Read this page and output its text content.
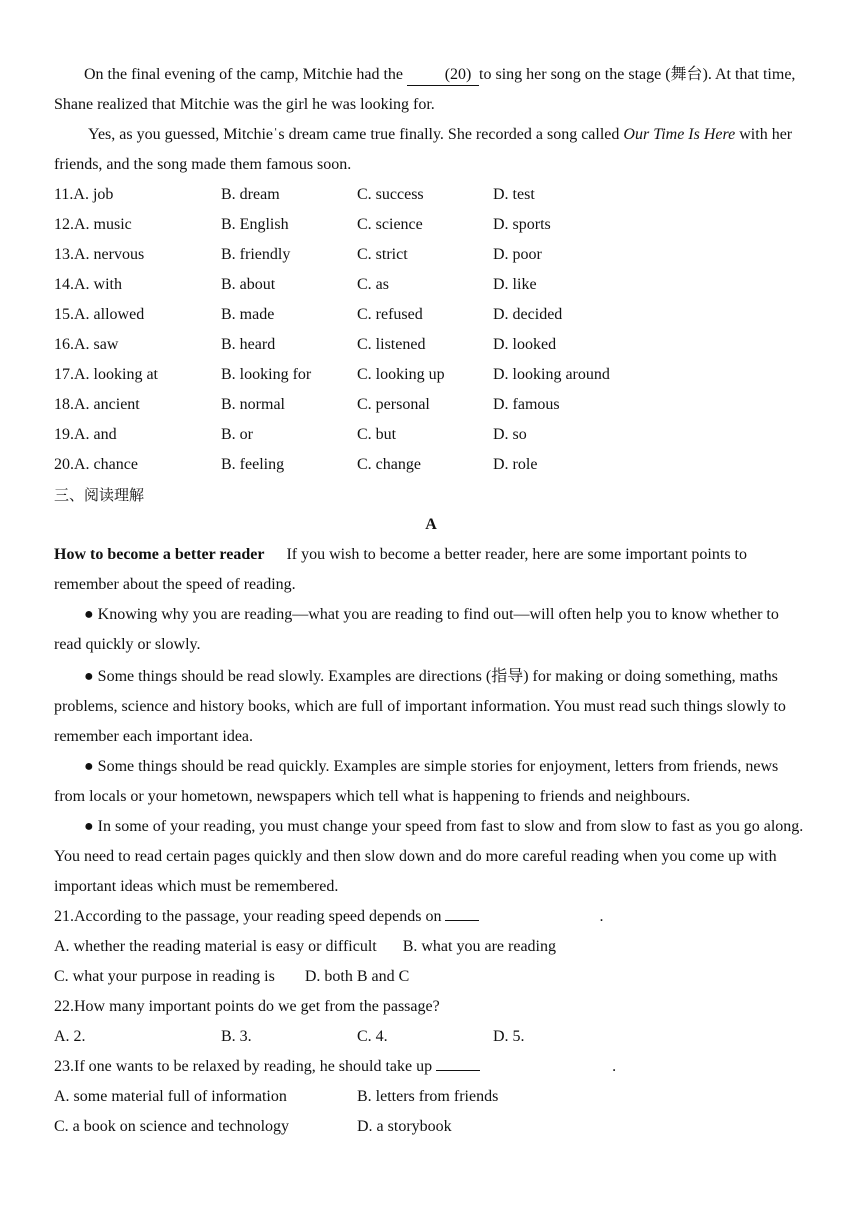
On the final evening of the camp, Mitchie had the (20) to sing her song on the stage (舞台). At that time, Shane realized that Mitchie was the girl he was looking for.

Yes, as you guessed, Mitchieˈs dream came true finally. She recorded a song called Our Time Is Here with her friends, and the song made them famous soon.

11.A. job	B. dream	C. success	D. test
12.A. music	B. English	C. science	D. sports
13.A. nervous	B. friendly	C. strict	D. poor
14.A. with	B. about	C. as	D. like
15.A. allowed	B. made	C. refused	D. decided
16.A. saw	B. heard	C. listened	D. looked
17.A. looking at	B. looking for	C. looking up	D. looking around
18.A. ancient	B. normal	C. personal	D. famous
19.A. and	B. or	C. but	D. so
20.A. chance	B. feeling	C. change	D. role
三、阅读理解
A

How to become a better reader If you wish to become a better reader, here are some important points to remember about the speed of reading.

● Knowing why you are reading—what you are reading to find out—will often help you to know whether to read quickly or slowly.

● Some things should be read slowly. Examples are directions (指导) for making or doing something, maths problems, science and history books, which are full of important information. You must read such things slowly to remember each important idea.

● Some things should be read quickly. Examples are simple stories for enjoyment, letters from friends, news from locals or your hometown, newspapers which tell what is happening to friends and neighbours.

● In some of your reading, you must change your speed from fast to slow and from slow to fast as you go along. You need to read certain pages quickly and then slow down and do more careful reading when you come up with important ideas which must be remembered.

21.According to the passage, your reading speed depends on	.

A. whether the reading material is easy or difficult B. what you are reading

C. what your purpose in reading is D. both B and C

22.How many important points do we get from the passage?

A. 2.	B. 3.	C. 4.	D. 5.

23.If one wants to be relaxed by reading, he should take up	.

A. some material full of information	B. letters from friends
C. a book on science and technology	D. a storybook
